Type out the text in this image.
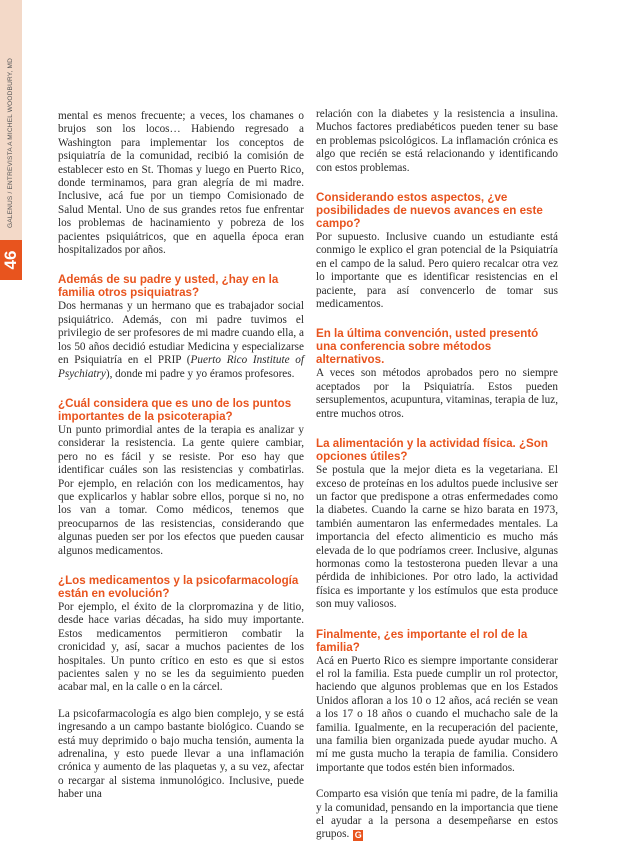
46
GALENUS / ENTREVISTA A MICHEL WOODBURY, MD	mental es menos frecuente; a veces, los chamanes o brujos son los locos… Habiendo regresado a Washington para implementar los conceptos de psiquiatría de la comunidad, recibió la comisión de establecer esto en St. Thomas y luego en Puerto Rico, donde terminamos, para gran alegría de mi madre. Inclusive, acá fue por un tiempo Comisionado de Salud Mental. Uno de sus grandes retos fue enfrentar los problemas de hacinamiento y pobreza de los pacientes psiquiátricos, que en aquella época eran hospitalizados por años.

Además de su padre y usted, ¿hay en la familia otros psiquiatras?

Dos hermanas y un hermano que es trabajador social psiquiátrico. Además, con mi padre tuvimos el privilegio de ser profesores de mi madre cuando ella, a los 50 años decidió estudiar Medicina y especializarse en Psiquiatría en el PRIP (Puerto Rico Institute of Psychiatry), donde mi padre y yo éramos profesores.

¿Cuál considera que es uno de los puntos importantes de la psicoterapia?

Un punto primordial antes de la terapia es analizar y considerar la resistencia. La gente quiere cambiar, pero no es fácil y se resiste. Por eso hay que identificar cuáles son las resistencias y combatirlas. Por ejemplo, en relación con los medicamentos, hay que explicarlos y hablar sobre ellos, porque si no, no los van a tomar. Como médicos, tenemos que preocuparnos de las resistencias, considerando que algunas pueden ser por los efectos que pueden causar algunos medicamentos.

¿Los medicamentos y la psicofarmacología están en evolución?

Por ejemplo, el éxito de la clorpromazina y de litio, desde hace varias décadas, ha sido muy importante. Estos medicamentos permitieron combatir la cronicidad y, así, sacar a muchos pacientes de los hospitales. Un punto crítico en esto es que si estos pacientes salen y no se les da seguimiento pueden acabar mal, en la calle o en la cárcel.

La psicofarmacología es algo bien complejo, y se está ingresando a un campo bastante biológico. Cuando se está muy deprimido o bajo mucha tensión, aumenta la adrenalina, y esto puede llevar a una inflamación crónica y aumento de las plaquetas y, a su vez, afectar o recargar al sistema inmunológico. Inclusive, puede haber una

relación con la diabetes y la resistencia a insulina. Muchos factores prediabéticos pueden tener su base en problemas psicológicos. La inflamación crónica es algo que recién se está relacionando y identificando con estos problemas.

Considerando estos aspectos, ¿ve posibilidades de nuevos avances en este campo?

Por supuesto. Inclusive cuando un estudiante está conmigo le explico el gran potencial de la Psiquiatría en el campo de la salud. Pero quiero recalcar otra vez lo importante que es identificar resistencias en el paciente, para así convencerlo de tomar sus medicamentos.

En la última convención, usted presentó una conferencia sobre métodos alternativos.

A veces son métodos aprobados pero no siempre aceptados por la Psiquiatría. Estos pueden sersuplementos, acupuntura, vitaminas, terapia de luz, entre muchos otros.

La alimentación y la actividad física. ¿Son opciones útiles?

Se postula que la mejor dieta es la vegetariana. El exceso de proteínas en los adultos puede inclusive ser un factor que predispone a otras enfermedades como la diabetes. Cuando la carne se hizo barata en 1973, también aumentaron las enfermedades mentales. La importancia del efecto alimenticio es mucho más elevada de lo que podríamos creer. Inclusive, algunas hormonas como la testosterona pueden llevar a una pérdida de inhibiciones. Por otro lado, la actividad física es importante y los estímulos que esta produce son muy valiosos.

Finalmente, ¿es importante el rol de la familia?

Acá en Puerto Rico es siempre importante considerar el rol la familia. Esta puede cumplir un rol protector, haciendo que algunos problemas que en los Estados Unidos afloran a los 10 o 12 años, acá recién se vean a los 17 o 18 años o cuando el muchacho sale de la familia. Igualmente, en la recuperación del paciente, una familia bien organizada puede ayudar mucho. A mí me gusta mucho la terapia de familia. Considero importante que todos estén bien informados.

Comparto esa visión que tenía mi padre, de la familia y la comunidad, pensando en la importancia que tiene el ayudar a la persona a desempeñarse en estos grupos. G
